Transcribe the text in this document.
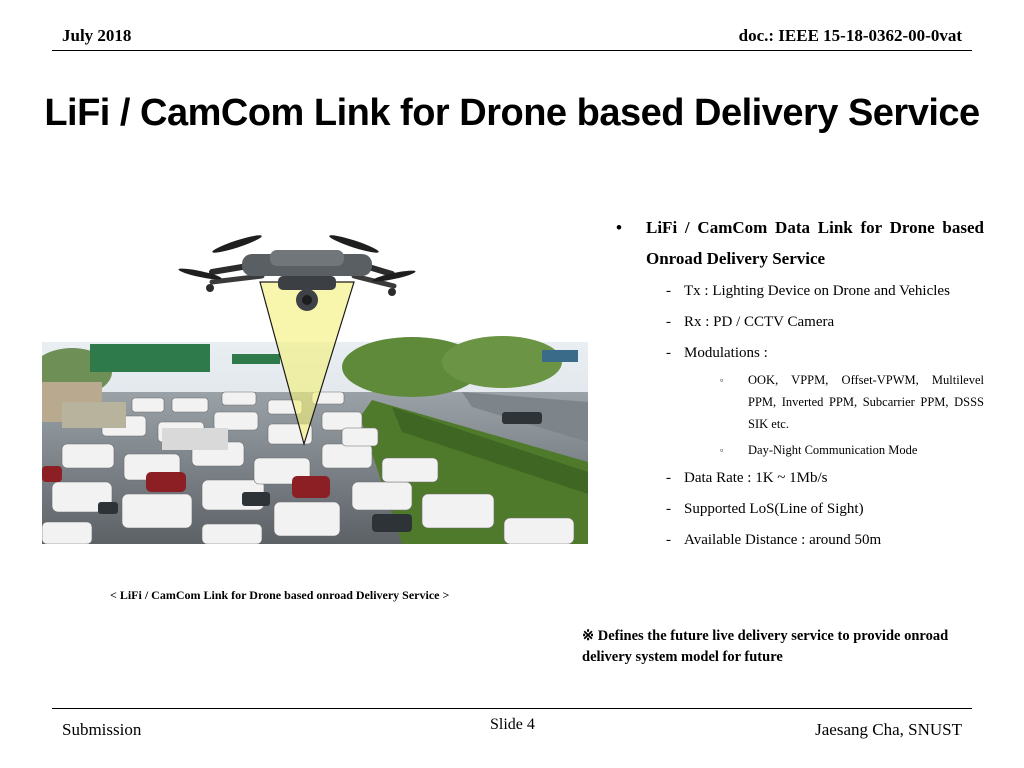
July 2018	doc.: IEEE 15-18-0362-00-0vat
LiFi / CamCom Link for Drone based Delivery Service
< LiFi / CamCom Link for Drone based onroad Delivery Service >
• LiFi / CamCom Data Link for Drone based Onroad Delivery Service
- Tx : Lighting Device on Drone and Vehicles
- Rx : PD / CCTV Camera
- Modulations :
▫ OOK, VPPM, Offset-VPWM, Multilevel PPM, Inverted PPM, Subcarrier PPM, DSSS SIK etc.
▫ Day-Night Communication Mode
- Data Rate : 1K ~ 1Mb/s
- Supported LoS(Line of Sight)
- Available Distance : around 50m
※ Defines the future live delivery service to provide onroad delivery system model for future
Submission	Slide 4	Jaesang Cha, SNUST
